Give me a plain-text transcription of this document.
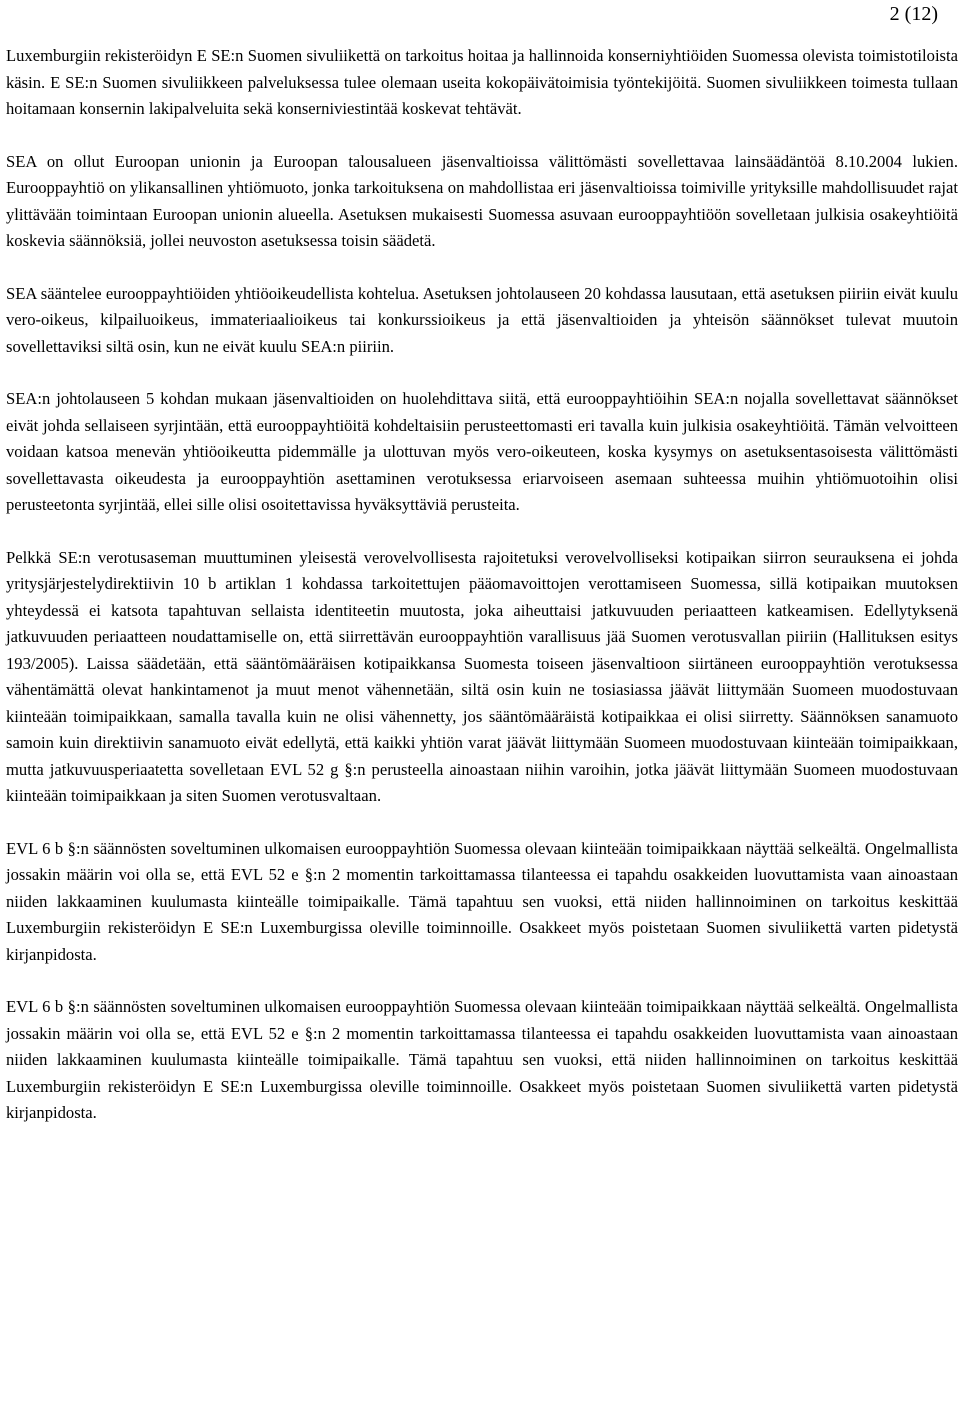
2 (12)

Luxemburgiin rekisteröidyn E SE:n Suomen sivuliikettä on tarkoitus hoitaa ja hallinnoida konserniyhtiöiden Suomessa olevista toimistotiloista käsin. E SE:n Suomen sivuliikkeen palveluksessa tulee olemaan useita kokopäivätoimisia työntekijöitä. Suomen sivuliikkeen toimesta tullaan hoitamaan konsernin lakipalveluita sekä konserniviestintää koskevat tehtävät.

SEA on ollut Euroopan unionin ja Euroopan talousalueen jäsenvaltioissa välittömästi sovellettavaa lainsäädäntöä 8.10.2004 lukien. Eurooppayhtiö on ylikansallinen yhtiömuoto, jonka tarkoituksena on mahdollistaa eri jäsenvaltioissa toimiville yrityksille mahdollisuudet rajat ylittävään toimintaan Euroopan unionin alueella. Asetuksen mukaisesti Suomessa asuvaan eurooppayhtiöön sovelletaan julkisia osakeyhtiöitä koskevia säännöksiä, jollei neuvoston asetuksessa toisin säädetä.

SEA sääntelee eurooppayhtiöiden yhtiöoikeudellista kohtelua. Asetuksen johtolauseen 20 kohdassa lausutaan, että asetuksen piiriin eivät kuulu vero-oikeus, kilpailuoikeus, immateriaalioikeus tai konkurssioikeus ja että jäsenvaltioiden ja yhteisön säännökset tulevat muutoin sovellettaviksi siltä osin, kun ne eivät kuulu SEA:n piiriin.

SEA:n johtolauseen 5 kohdan mukaan jäsenvaltioiden on huolehdittava siitä, että eurooppayhtiöihin SEA:n nojalla sovellettavat säännökset eivät johda sellaiseen syrjintään, että eurooppayhtiöitä kohdeltaisiin perusteettomasti eri tavalla kuin julkisia osakeyhtiöitä. Tämän velvoitteen voidaan katsoa menevän yhtiöoikeutta pidemmälle ja ulottuvan myös vero-oikeuteen, koska kysymys on asetuksentasoisesta välittömästi sovellettavasta oikeudesta ja eurooppayhtiön asettaminen verotuksessa eriarvoiseen asemaan suhteessa muihin yhtiömuotoihin olisi perusteetonta syrjintää, ellei sille olisi osoitettavissa hyväksyttäviä perusteita.

Pelkkä SE:n verotusaseman muuttuminen yleisestä verovelvollisesta rajoitetuksi verovelvolliseksi kotipaikan siirron seurauksena ei johda yritysjärjestelydirektiivin 10 b artiklan 1 kohdassa tarkoitettujen pääomavoittojen verottamiseen Suomessa, sillä kotipaikan muutoksen yhteydessä ei katsota tapahtuvan sellaista identiteetin muutosta, joka aiheuttaisi jatkuvuuden periaatteen katkeamisen. Edellytyksenä jatkuvuuden periaatteen noudattamiselle on, että siirrettävän eurooppayhtiön varallisuus jää Suomen verotusvallan piiriin (Hallituksen esitys 193/2005). Laissa säädetään, että sääntömääräisen kotipaikkansa Suomesta toiseen jäsenvaltioon siirtäneen eurooppayhtiön verotuksessa vähentämättä olevat hankintamenot ja muut menot vähennetään, siltä osin kuin ne tosiasiassa jäävät liittymään Suomeen muodostuvaan kiinteään toimipaikkaan, samalla tavalla kuin ne olisi vähennetty, jos sääntömääräistä kotipaikkaa ei olisi siirretty. Säännöksen sanamuoto samoin kuin direktiivin sanamuoto eivät edellytä, että kaikki yhtiön varat jäävät liittymään Suomeen muodostuvaan kiinteään toimipaikkaan, mutta jatkuvuusperiaatetta sovelletaan EVL 52 g §:n perusteella ainoastaan niihin varoihin, jotka jäävät liittymään Suomeen muodostuvaan kiinteään toimipaikkaan ja siten Suomen verotusvaltaan.

EVL 6 b §:n säännösten soveltuminen ulkomaisen eurooppayhtiön Suomessa olevaan kiinteään toimipaikkaan näyttää selkeältä. Ongelmallista jossakin määrin voi olla se, että EVL 52 e §:n 2 momentin tarkoittamassa tilanteessa ei tapahdu osakkeiden luovuttamista vaan ainoastaan niiden lakkaaminen kuulumasta kiinteälle toimipaikalle. Tämä tapahtuu sen vuoksi, että niiden hallinnoiminen on tarkoitus keskittää Luxemburgiin rekisteröidyn E SE:n Luxemburgissa oleville toiminnoille. Osakkeet myös poistetaan Suomen sivuliikettä varten pidetystä kirjanpidosta.

EVL 6 b §:n säännösten soveltuminen ulkomaisen eurooppayhtiön Suomessa olevaan kiinteään toimipaikkaan näyttää selkeältä. Ongelmallista jossakin määrin voi olla se, että EVL 52 e §:n 2 momentin tarkoittamassa tilanteessa ei tapahdu osakkeiden luovuttamista vaan ainoastaan niiden lakkaaminen kuulumasta kiinteälle toimipaikalle. Tämä tapahtuu sen vuoksi, että niiden hallinnoiminen on tarkoitus keskittää Luxemburgiin rekisteröidyn E SE:n Luxemburgissa oleville toiminnoille. Osakkeet myös poistetaan Suomen sivuliikettä varten pidetystä kirjanpidosta.
